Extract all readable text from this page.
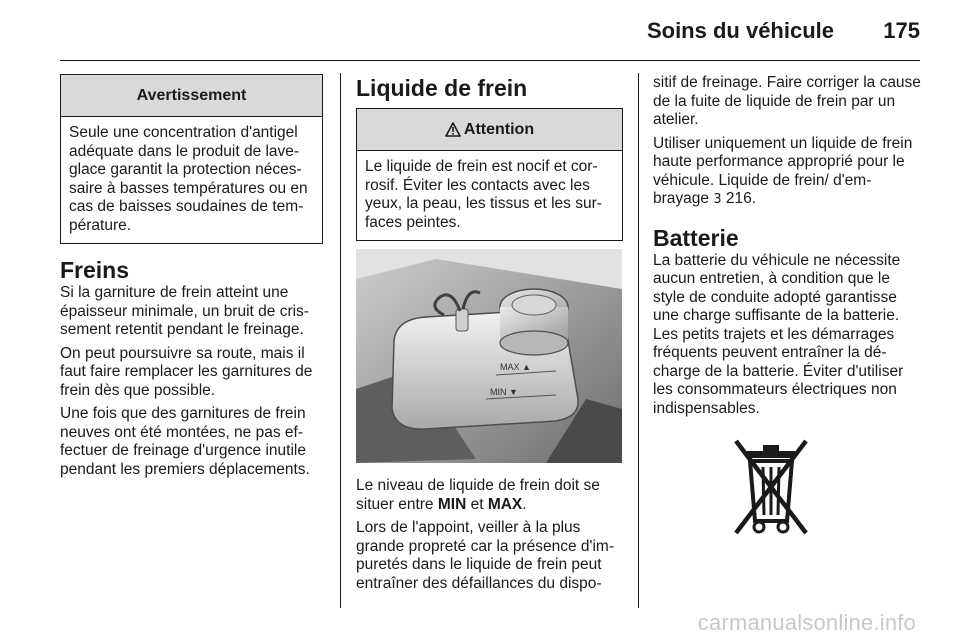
Soins du véhicule 175
Avertissement
Seule une concentration d'antigel adéquate dans le produit de lave-glace garantit la protection néces-saire à basses températures ou en cas de baisses soudaines de tem-pérature.
Freins

Si la garniture de frein atteint une épaisseur minimale, un bruit de cris-sement retentit pendant le freinage.

On peut poursuivre sa route, mais il faut faire remplacer les garnitures de frein dès que possible.

Une fois que des garnitures de frein neuves ont été montées, ne pas ef-fectuer de freinage d'urgence inutile pendant les premiers déplacements.

Liquide de frein
Attention
Le liquide de frein est nocif et cor-rosif. Éviter les contacts avec les yeux, la peau, les tissus et les sur-faces peintes.
MAX ▲
MIN ▼

Le niveau de liquide de frein doit se situer entre MIN et MAX.

Lors de l'appoint, veiller à la plus grande propreté car la présence d'im-puretés dans le liquide de frein peut entraîner des défaillances du dispo-

sitif de freinage. Faire corriger la cause de la fuite de liquide de frein par un atelier.

Utiliser uniquement un liquide de frein haute performance approprié pour le véhicule. Liquide de frein/ d'em-brayage 3 216.

Batterie

La batterie du véhicule ne nécessite aucun entretien, à condition que le style de conduite adopté garantisse une charge suffisante de la batterie. Les petits trajets et les démarrages fréquents peuvent entraîner la dé-charge de la batterie. Éviter d'utiliser les consommateurs électriques non indispensables.

carmanualsonline.info
